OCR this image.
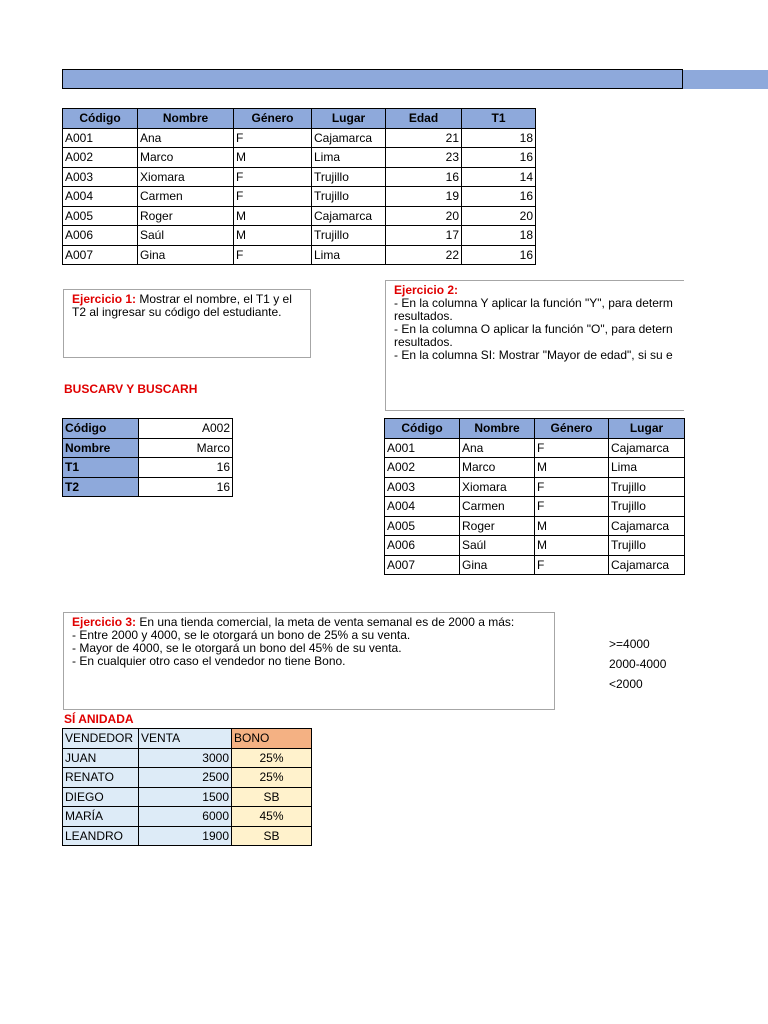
Código	Nombre	Género	Lugar	Edad	T1
A001	Ana	F	Cajamarca	21	18
A002	Marco	M	Lima	23	16
A003	Xiomara	F	Trujillo	16	14
A004	Carmen	F	Trujillo	19	16
A005	Roger	M	Cajamarca	20	20
A006	Saúl	M	Trujillo	17	18
A007	Gina	F	Lima	22	16
Ejercicio 1: Mostrar el nombre, el T1 y el
T2 al ingresar su código del estudiante.
Ejercicio 2:
- En la columna Y aplicar la función "Y", para determ
resultados.
- En la columna O aplicar la función "O", para detern
resultados.
- En la columna SI: Mostrar "Mayor de edad", si su e
BUSCARV Y BUSCARH
Código	A002
Nombre	Marco
T1	16
T2	16
Código	Nombre	Género	Lugar
A001	Ana	F	Cajamarca
A002	Marco	M	Lima
A003	Xiomara	F	Trujillo
A004	Carmen	F	Trujillo
A005	Roger	M	Cajamarca
A006	Saúl	M	Trujillo
A007	Gina	F	Cajamarca
Ejercicio 3: En una tienda comercial, la meta de venta semanal es de 2000 a más:
- Entre 2000 y 4000, se le otorgará un bono de 25% a su venta.
- Mayor de 4000, se le otorgará un bono del 45% de su venta.
- En cualquier otro caso el vendedor no tiene Bono.
>=4000
2000-4000
<2000
SÍ ANIDADA
VENDEDOR	VENTA	BONO
JUAN	3000	25%
RENATO	2500	25%
DIEGO	1500	SB
MARÍA	6000	45%
LEANDRO	1900	SB
